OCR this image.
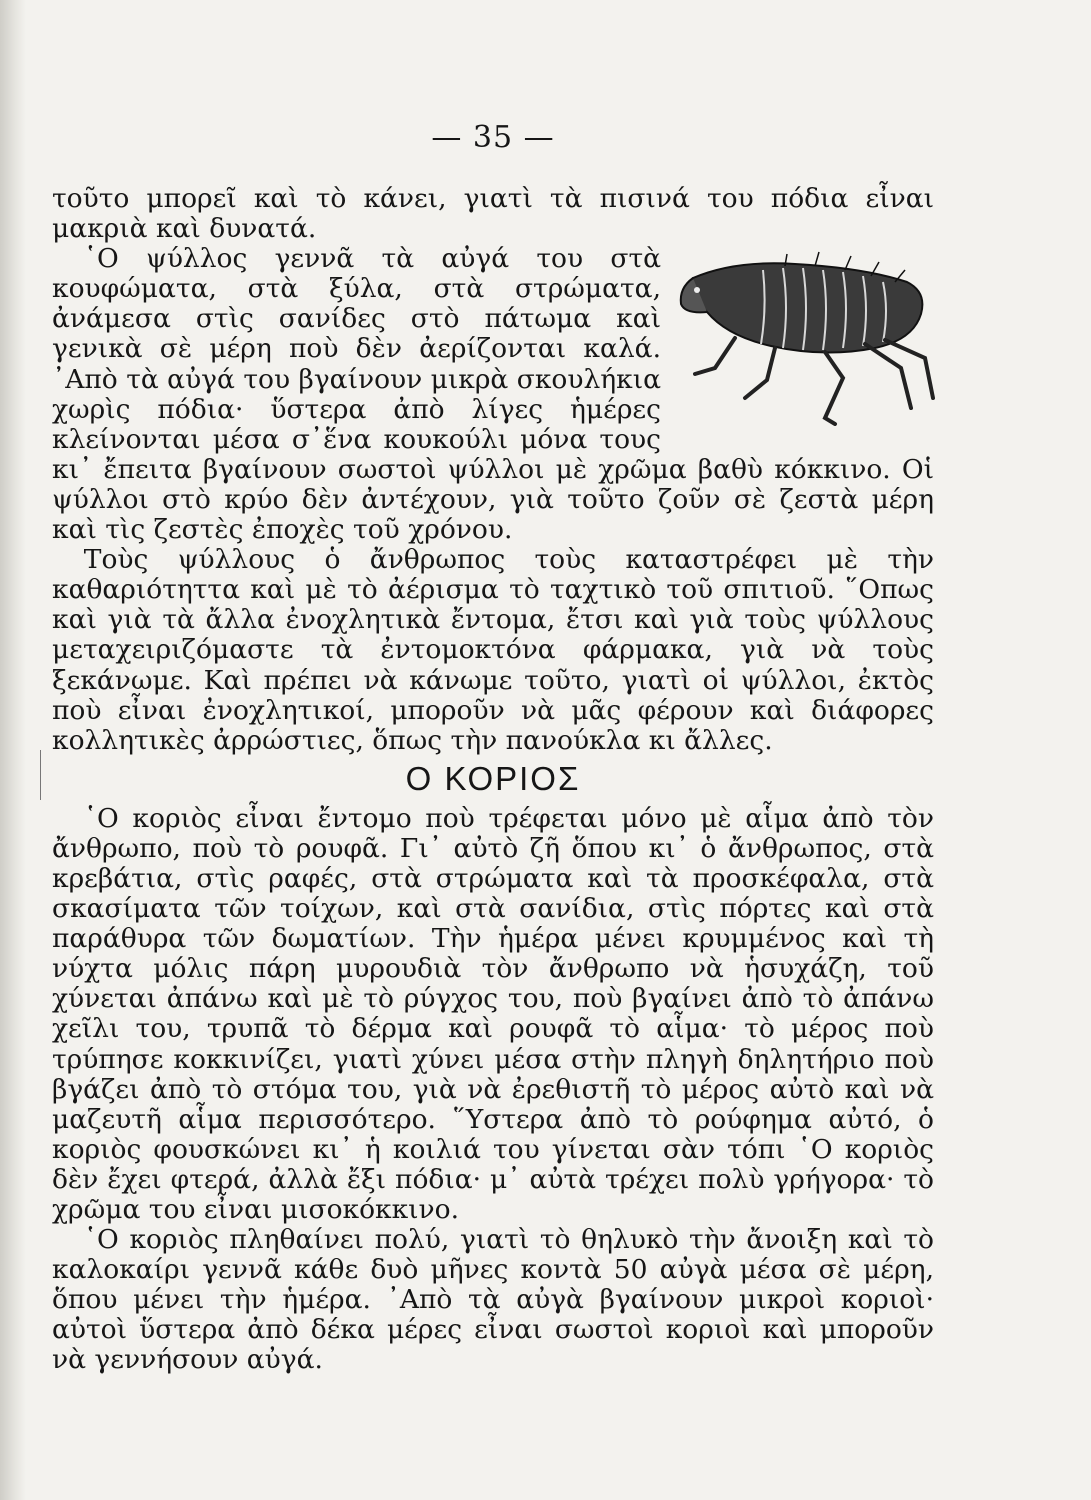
— 35 —

τοῦτο μπορεῖ καὶ τὸ κάνει, γιατὶ τὰ πισινά του πόδια εἶναι μακριὰ καὶ δυνατά.

῾Ο ψύλλος γεννᾶ τὰ αὐγά του στὰ κουφώματα, στὰ ξύλα, στὰ στρώματα, ἀνάμεσα στὶς σανίδες στὸ πάτωμα καὶ γενικὰ σὲ μέρη ποὺ δὲν ἀερίζονται καλά. ᾿Απὸ τὰ αὐγά του βγαίνουν μικρὰ σκουλήκια χωρὶς πόδια· ὕστερα ἀπὸ λίγες ἡμέρες κλείνονται μέσα σ᾿ἕνα κουκούλι μόνα τους κι᾿ ἔπειτα βγαίνουν σωστοὶ ψύλλοι μὲ χρῶμα βαθὺ κόκκινο. Οἱ ψύλλοι στὸ κρύο δὲν ἀντέχουν, γιὰ τοῦτο ζοῦν σὲ ζεστὰ μέρη καὶ τὶς ζεστὲς ἐποχὲς τοῦ χρόνου.

Τοὺς ψύλλους ὁ ἄνθρωπος τοὺς καταστρέφει μὲ τὴν καθαριότηττα καὶ μὲ τὸ ἀέρισμα τὸ ταχτικὸ τοῦ σπιτιοῦ. ῞Οπως καὶ γιὰ τὰ ἄλλα ἐνοχλητικὰ ἔντομα, ἔτσι καὶ γιὰ τοὺς ψύλλους μεταχειριζόμαστε τὰ ἐντομοκτόνα φάρμακα, γιὰ νὰ τοὺς ξεκάνωμε. Καὶ πρέπει νὰ κάνωμε τοῦτο, γιατὶ οἱ ψύλλοι, ἐκτὸς ποὺ εἶναι ἐνοχλητικοί, μποροῦν νὰ μᾶς φέρουν καὶ διάφορες κολλητικὲς ἀρρώστιες, ὅπως τὴν πανούκλα κι ἄλλες.

Ο ΚΟΡΙΟΣ

῾Ο κοριὸς εἶναι ἔντομο ποὺ τρέφεται μόνο μὲ αἷμα ἀπὸ τὸν ἄνθρωπο, ποὺ τὸ ρουφᾶ. Γι᾿ αὐτὸ ζῆ ὅπου κι᾿ ὁ ἄνθρωπος, στὰ κρεβάτια, στὶς ραφές, στὰ στρώματα καὶ τὰ προσκέφαλα, στὰ σκασίματα τῶν τοίχων, καὶ στὰ σανίδια, στὶς πόρτες καὶ στὰ παράθυρα τῶν δωματίων. Τὴν ἡμέρα μένει κρυμμένος καὶ τὴ νύχτα μόλις πάρη μυρουδιὰ τὸν ἄνθρωπο νὰ ἡσυχάζη, τοῦ χύνεται ἀπάνω καὶ μὲ τὸ ρύγχος του, ποὺ βγαίνει ἀπὸ τὸ ἀπάνω χεῖλι του, τρυπᾶ τὸ δέρμα καὶ ρουφᾶ τὸ αἷμα· τὸ μέρος ποὺ τρύπησε κοκκινίζει, γιατὶ χύνει μέσα στὴν πληγὴ δηλητήριο ποὺ βγάζει ἀπὸ τὸ στόμα του, γιὰ νὰ ἐρεθιστῆ τὸ μέρος αὐτὸ καὶ νὰ μαζευτῆ αἷμα περισσότερο. ῞Υστερα ἀπὸ τὸ ρούφημα αὐτό, ὁ κοριὸς φουσκώνει κι᾿ ἡ κοιλιά του γίνεται σὰν τόπι ῾Ο κοριὸς δὲν ἔχει φτερά, ἀλλὰ ἔξι πόδια· μ᾿ αὐτὰ τρέχει πολὺ γρήγορα· τὸ χρῶμα του εἶναι μισοκόκκινο.

῾Ο κοριὸς πληθαίνει πολύ, γιατὶ τὸ θηλυκὸ τὴν ἄνοιξη καὶ τὸ καλοκαίρι γεννᾶ κάθε δυὸ μῆνες κοντὰ 50 αὐγὰ μέσα σὲ μέρη, ὅπου μένει τὴν ἡμέρα. ᾿Απὸ τὰ αὐγὰ βγαίνουν μικροὶ κοριοὶ· αὐτοὶ ὕστερα ἀπὸ δέκα μέρες εἶναι σωστοὶ κοριοὶ καὶ μποροῦν νὰ γεννήσουν αὐγά.
